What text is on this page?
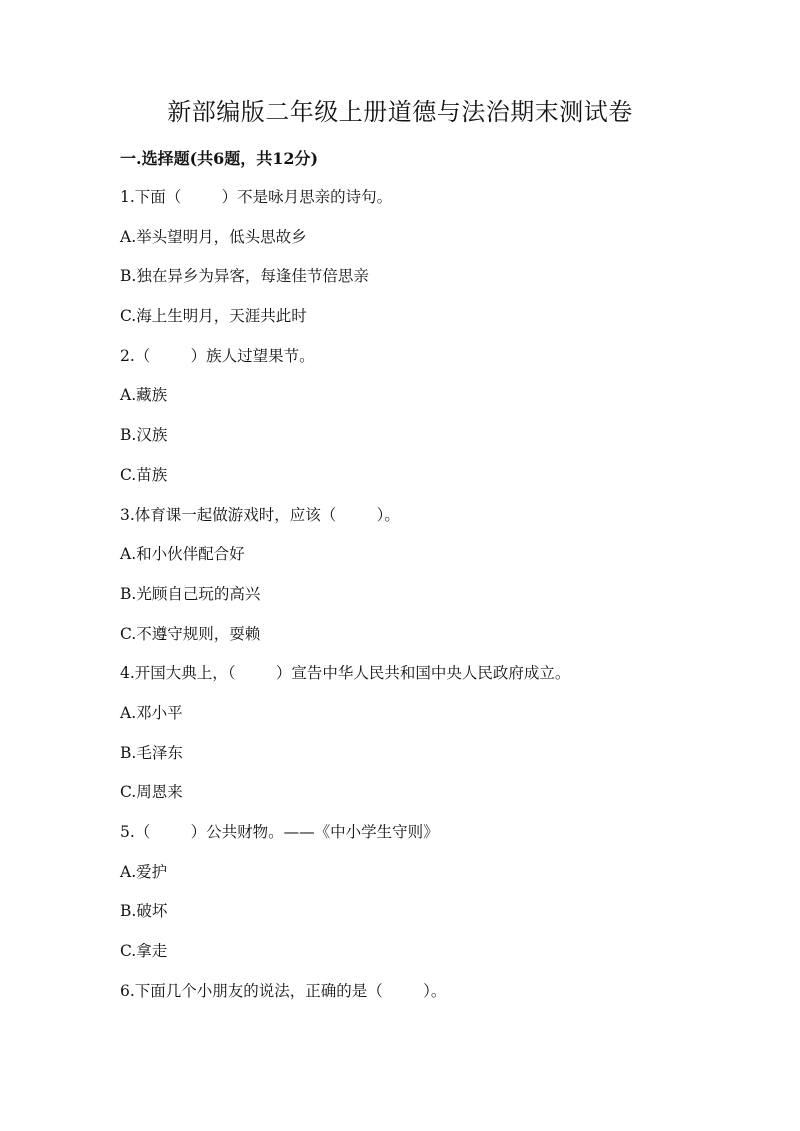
新部编版二年级上册道德与法治期末测试卷
一.选择题(共6题，共12分)
1.下面（	）不是咏月思亲的诗句。
A.举头望明月，低头思故乡
B.独在异乡为异客，每逢佳节倍思亲
C.海上生明月，天涯共此时
2.（	）族人过望果节。
A.藏族
B.汉族
C.苗族
3.体育课一起做游戏时，应该（	）。
A.和小伙伴配合好
B.光顾自己玩的高兴
C.不遵守规则，耍赖
4.开国大典上，（	）宣告中华人民共和国中央人民政府成立。
A.邓小平
B.毛泽东
C.周恩来
5.（	）公共财物。——《中小学生守则》
A.爱护
B.破坏
C.拿走
6.下面几个小朋友的说法，正确的是（	）。
